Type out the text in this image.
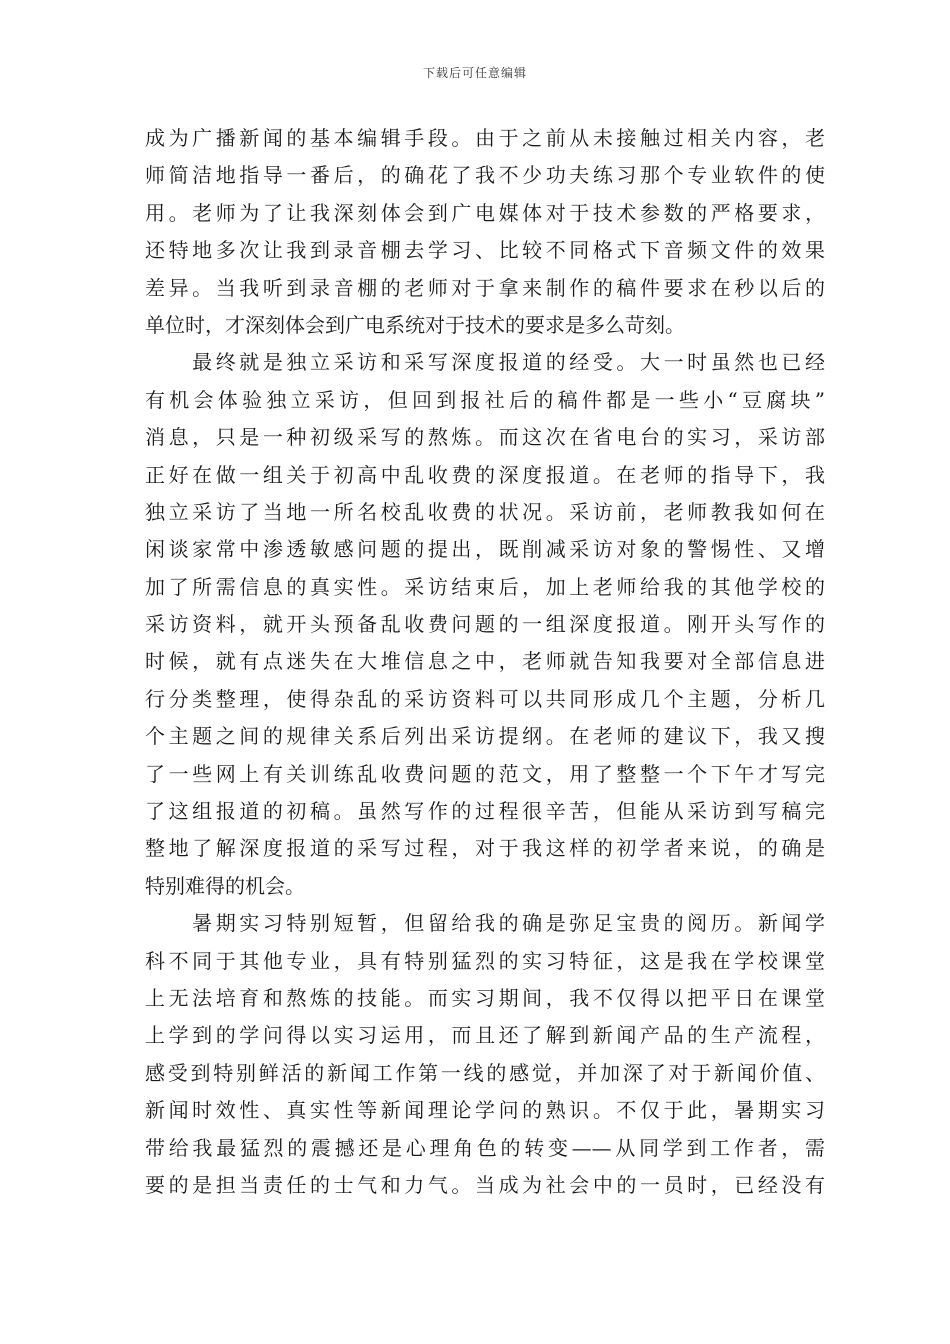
下载后可任意编辑
成为广播新闻的基本编辑手段。由于之前从未接触过相关内容，老
师简洁地指导一番后，的确花了我不少功夫练习那个专业软件的使
用。老师为了让我深刻体会到广电媒体对于技术参数的严格要求，
还特地多次让我到录音棚去学习、比较不同格式下音频文件的效果
差异。当我听到录音棚的老师对于拿来制作的稿件要求在秒以后的
单位时，才深刻体会到广电系统对于技术的要求是多么苛刻。
　　最终就是独立采访和采写深度报道的经受。大一时虽然也已经
有机会体验独立采访，但回到报社后的稿件都是一些小“豆腐块”
消息，只是一种初级采写的熬炼。而这次在省电台的实习，采访部
正好在做一组关于初高中乱收费的深度报道。在老师的指导下，我
独立采访了当地一所名校乱收费的状况。采访前，老师教我如何在
闲谈家常中渗透敏感问题的提出，既削减采访对象的警惕性、又增
加了所需信息的真实性。采访结束后，加上老师给我的其他学校的
采访资料，就开头预备乱收费问题的一组深度报道。刚开头写作的
时候，就有点迷失在大堆信息之中，老师就告知我要对全部信息进
行分类整理，使得杂乱的采访资料可以共同形成几个主题，分析几
个主题之间的规律关系后列出采访提纲。在老师的建议下，我又搜
了一些网上有关训练乱收费问题的范文，用了整整一个下午才写完
了这组报道的初稿。虽然写作的过程很辛苦，但能从采访到写稿完
整地了解深度报道的采写过程，对于我这样的初学者来说，的确是
特别难得的机会。
　　暑期实习特别短暂，但留给我的确是弥足宝贵的阅历。新闻学
科不同于其他专业，具有特别猛烈的实习特征，这是我在学校课堂
上无法培育和熬炼的技能。而实习期间，我不仅得以把平日在课堂
上学到的学问得以实习运用，而且还了解到新闻产品的生产流程，
感受到特别鲜活的新闻工作第一线的感觉，并加深了对于新闻价值、
新闻时效性、真实性等新闻理论学问的熟识。不仅于此，暑期实习
带给我最猛烈的震撼还是心理角色的转变——从同学到工作者，需
要的是担当责任的士气和力气。当成为社会中的一员时，已经没有
